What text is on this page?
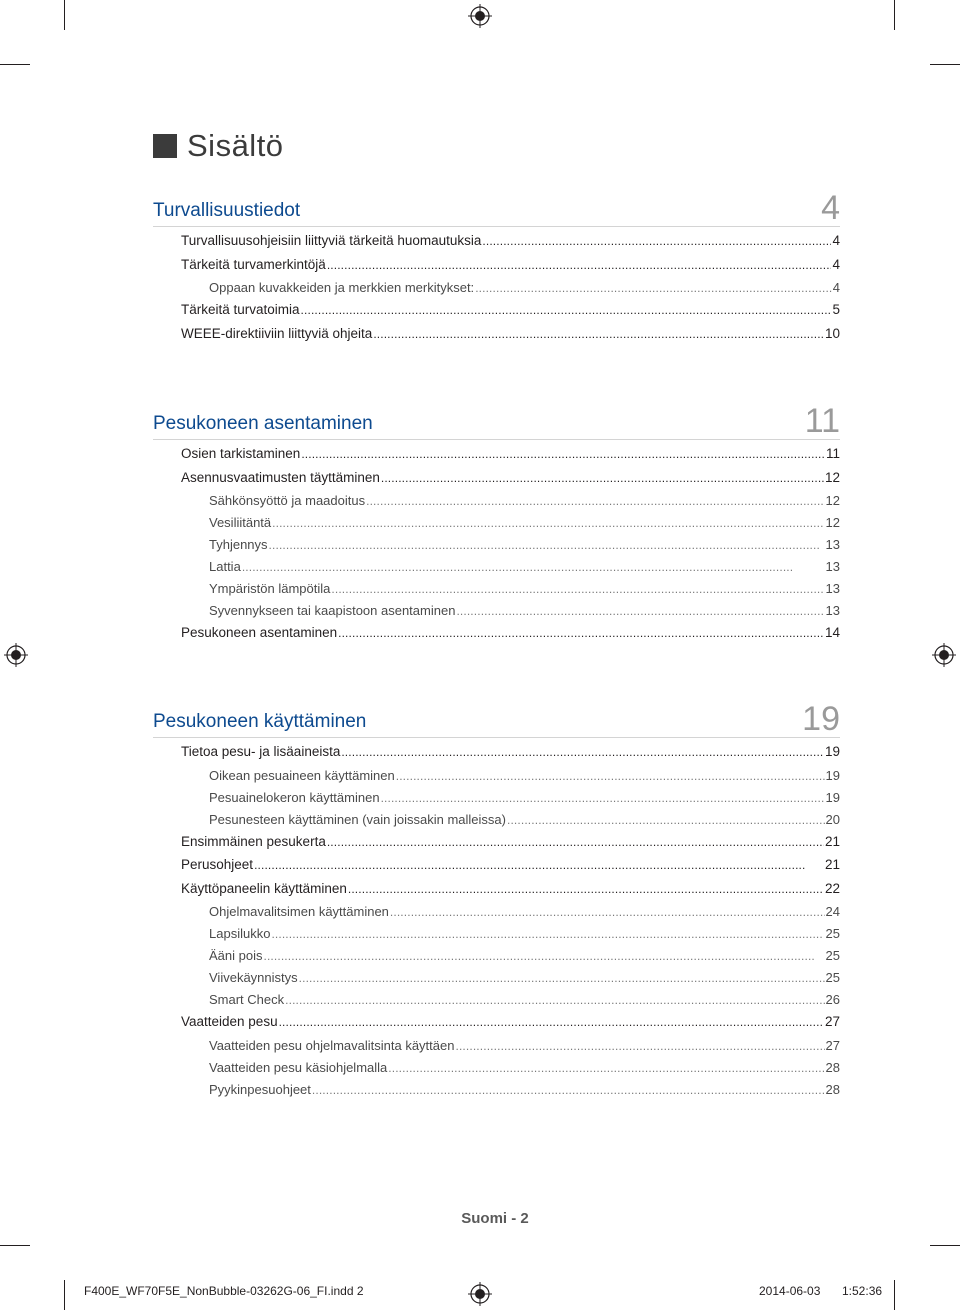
Sisältö
Turvallisuustiedot	4
Turvallisuusohjeisiin liittyviä tärkeitä huomautuksia . . .	4
Tärkeitä turvamerkintöjä . . .	4
Oppaan kuvakkeiden ja merkkien merkitykset: . . .	4
Tärkeitä turvatoimia . . .	5
WEEE-direktiiviin liittyviä ohjeita . . .	10
Pesukoneen asentaminen	11
Osien tarkistaminen . . .	11
Asennusvaatimusten täyttäminen . . .	12
Sähkönsyöttö ja maadoitus . . .	12
Vesiliitäntä . . .	12
Tyhjennys . . .	13
Lattia . . .	13
Ympäristön lämpötila . . .	13
Syvennykseen tai kaapistoon asentaminen . . .	13
Pesukoneen asentaminen . . .	14
Pesukoneen käyttäminen	19
Tietoa pesu- ja lisäaineista . . .	19
Oikean pesuaineen käyttäminen . . .	19
Pesuainelokeron käyttäminen . . .	19
Pesunesteen käyttäminen (vain joissakin malleissa) . . .	20
Ensimmäinen pesukerta . . .	21
Perusohjeet . . .	21
Käyttöpaneelin käyttäminen . . .	22
Ohjelmavalitsimen käyttäminen . . .	24
Lapsilukko . . .	25
Ääni pois . . .	25
Viivekäynnistys . . .	25
Smart Check . . .	26
Vaatteiden pesu . . .	27
Vaatteiden pesu ohjelmavalitsinta käyttäen . . .	27
Vaatteiden pesu käsiohjelmalla . . .	28
Pyykinpesuohjeet . . .	28
Suomi - 2
F400E_WF70F5E_NonBubble-03262G-06_FI.indd 2	2014-06-03 1:52:36
